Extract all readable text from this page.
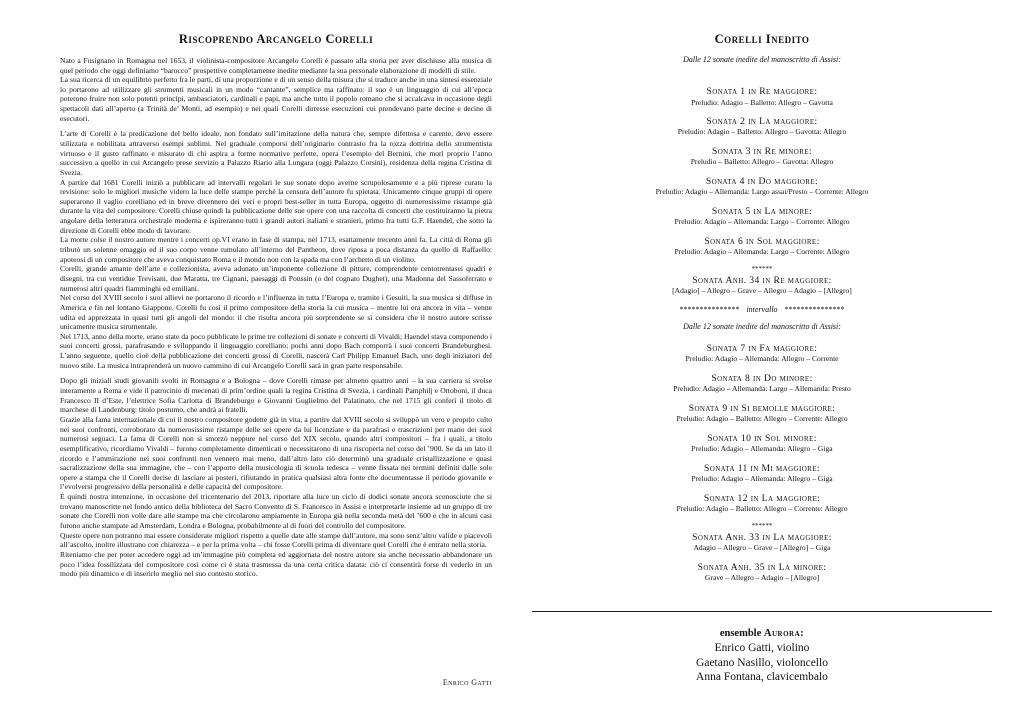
Riscoprendo Arcangelo Corelli

Nato a Fusignano in Romagna nel 1653, il violinista-compositore Arcangelo Corelli è passato alla storia per aver dischiuso alla musica di quel periodo che oggi definiamo “barocco” prospettive completamente inedite mediante la sua personale elaborazione di modelli di stile.

La sua ricerca di un equilibrio perfetto fra le parti, di una proporzione e di un senso della misura che si traduce anche in una sintesi essenziale lo portarono ad utilizzare gli strumenti musicali in un modo “cantante”, semplice ma raffinato: il suo è un linguaggio di cui all’epoca poterono fruire non solo potenti principi, ambasciatori, cardinali e papi, ma anche tutto il popolo romano che si accalcava in occasione degli spettacoli dati all’aperto (a Trinità de’ Monti, ad esempio) e nei quali Corelli dirresse esecuzioni cui prendevano parte decine e decine di esecutori.

L’arte di Corelli è la predicazione del bello ideale, non fondato sull’imitazione della natura che, sempre difettosa e carente, deve essere stilizzata e nobilitata attraverso esempi sublimi. Nel graduale comporsi dell’originario contrasto fra la rozza dottrina dello strumentista virtuoso e il gusto raffinato e misurato di chi aspira a forme normative perfette, opera l’esempio del Bernini, che morì proprio l’anno successivo a quello in cui Arcangelo prese servizio a Palazzo Riario alla Lungara (oggi Palazzo Corsini), residenza della regina Cristina di Svezia.

A partire dal 1681 Corelli iniziò a pubblicare ad intervalli regolari le sue sonate dopo averne scrupolosamente e a più riprese curato la revisione: solo le migliori musiche videro la luce delle stampe perché la censura dell’autore fu spietata. Unicamente cinque gruppi di opere superarono il vaglio corelliano ed in breve divennero dei veri e propri best-seller in tutta Europa, oggetto di numerosissime ristampe già durante la vita del compositore. Corelli chiuse quindi la pubblicazione delle sue opere con una raccolta di concerti che costituiranno la pietra angolare della letteratura orchestrale moderna e ispireranno tutti i grandi autori italiani e stranieri, primo fra tutti G.F. Haendel, che sotto la direzione di Corelli ebbe modo di lavorare.

La morte colse il nostro autore mentre i concerti op.VI erano in fase di stampa, nel 1713, esattamente trecento anni fa. La città di Roma gli tributò un solenne omaggio ed il suo corpo venne tumulato all’interno del Pantheon, dove riposa a poca distanza da quello di Raffaello: apoteosi di un compositore che aveva conquistato Roma e il mondo non con la spada ma con l’archetto di un violino.

Corelli, grande amante dell’arte e collezionista, aveva adunato un’imponente collezione di pitture, comprendente centotrentasei quadri e disegni, tra cui ventidue Trevisani, due Maratta, tre Cignani, paesaggi di Poussin (o del cognato Dughet), una Madonna del Sassoferrato e numerosi altri quadri fiamminghi ed emiliani.

Nel corso del XVIII secolo i suoi allievi ne portarono il ricordo e l’influenza in tutta l’Europa e, tramite i Gesuiti, la sua musica si diffuse in America e fin nel lontano Giappone. Corelli fu così il primo compositore della storia la cui musica – mentre lui era ancora in vita – venne udita ed apprezzata in quasi tutti gli angoli del mondo: il che risulta ancora più sorprendente se si considera che il nostro autore scrisse unicamente musica strumentale.

Nel 1713, anno della morte, erano state da poco pubblicate le prime tre collezioni di sonate e concerti di Vivaldi; Haendel stava componendo i suoi concerti grossi, parafrasando e sviluppando il linguaggio corelliano; pochi anni dopo Bach comporrà i suoi concerti Brandeburghesi. L’anno seguente, quello cioè della pubblicazione dei concerti grossi di Corelli, nascerà Carl Philipp Emanuel Bach, uno degli iniziatori del nuovo stile. La musica intraprenderà un nuovo cammino di cui Arcangelo Corelli sarà in gran parte responsabile.

Dopo gli iniziali studi giovanili svolti in Romagna e a Bologna – dove Corelli rimase per almeno quattro anni – la sua carriera si svolse interamente a Roma e vide il patrocinio di mecenati di prim’ordine quali la regina Cristina di Svezia, i cardinali Pamphilj e Ottoboni, il duca Francesco II d’Este, l’elettrice Sofia Carlotta di Brandeburgo e Giovanni Guglielmo del Palatinato, che nel 1715 gli conferì il titolo di marchese di Landenburg: titolo postumo, che andrà ai fratelli.

Grazie alla fama internazionale di cui il nostro compositore godette già in vita, a partire dal XVIII secolo si sviluppò un vero e proprio culto nei suoi confronti, corroborato da numerosissime ristampe delle sei opere da lui licenziate e da parafrasi e trascrizioni per mano dei suoi numerosi seguaci. La fama di Corelli non si smorzò neppure nel corso del XIX secolo, quando altri compositori – fra i quali, a titolo esemplificativo, ricordiamo Vivaldi – furono completamente dimenticati e necessitarono di una riscoperta nel corso del ’900. Se da un lato il ricordo e l’ammirazione nei suoi confronti non vennero mai meno, dall’altro lato ciò determinò una graduale cristallizzazione e quasi sacralizzazione della sua immagine, che – con l’apporto della musicologia di scuola tedesca – venne fissata nei termini definiti dalle sole opere a stampa che il Corelli decise di lasciare ai posteri, rifiutando in pratica qualsiasi altra fonte che documentasse il periodo giovanile e l’evolversi progressivo della personalità e delle capacità del compositore.

È quindi nostra intenzione, in occasione del tricentenario del 2013, riportare alla luce un ciclo di dodici sonate ancora sconosciute che si trovano manoscritte nel fondo antico della biblioteca del Sacro Convento di S. Francesco in Assisi e interpretarle insieme ad un gruppo di tre sonate che Corelli non volle dare alle stampe ma che circolarono ampiamente in Europa già nella seconda metà del ’600 e che in alcuni casi furono anche stampate ad Amsterdam, Londra e Bologna, probabilmente al di fuori del controllo del compositore.

Queste opere non potranno mai essere considerate migliori rispetto a quelle date alle stampe dall’autore, ma sono senz’altro valide e piacevoli all’ascolto, inoltre illustrano con chiarezza – e per la prima volta – chi fosse Corelli prima di diventare quel Corelli che è entrato nella storia.

Riteniamo che per poter accedere oggi ad un’immagine più completa ed aggiornata del nostro autore sia anche necessario abbandonare un poco l’idea fossilizzata del compositore così come ci è stata trasmessa da una certa critica datata: ciò ci consentirà forse di vederlo in un modo più dinamico e di inserirlo meglio nel suo contesto storico.

Enrico Gatti
Corelli Inedito
Dalle 12 sonate inedite del manoscritto di Assisi:
Sonata 1 in Re maggiore:
Preludio: Adagio – Balletto: Allegro – Gavotta
Sonata 2 in La maggiore:
Preludio: Adagio – Balletto: Allegro – Gavotta: Allegro
Sonata 3 in Re minore:
Preludio – Balletto: Allegro – Gavotta: Allegro
Sonata 4 in Do maggiore:
Preludio: Adagio – Allemanda: Largo assai/Presto – Corrente: Allegro
Sonata 5 in La minore:
Preludio: Adagio – Allemanda: Largo – Corrente: Allegro
Sonata 6 in Sol maggiore:
Preludio: Adagio – Allemanda: Largo – Corrente: Allegro
******
Sonata Anh. 34 in Re maggiore:
[Adagio] – Allegro – Grave – Allegro – Adagio – [Allegro]
*************** intervallo ***************
Dalle 12 sonate inedite del manoscritto di Assisi:
Sonata 7 in Fa maggiore:
Preludio: Adagio – Allemanda: Allegro – Corrente
Sonata 8 in Do minore:
Preludio: Adagio – Allemanda: Largo – Allemanda: Presto
Sonata 9 in Si bemolle maggiore:
Preludio: Adagio – Balletto: Allegro – Corrente: Allegro
Sonata 10 in Sol minore:
Preludio: Adagio – Allemanda: Allegro – Giga
Sonata 11 in Mi maggiore:
Preludio: Adagio – Allemanda: Allegro – Giga
Sonata 12 in La maggiore:
Preludio: Adagio – Balletto: Allegro – Corrente: Allegro
******
Sonata Anh. 33 in La maggiore:
Adagio – Allegro – Grave – [Allegro] – Giga
Sonata Anh. 35 in La minore:
Grave – Allegro – Adagio – [Allegro]
ensemble Aurora:
Enrico Gatti, violino
Gaetano Nasillo, violoncello
Anna Fontana, clavicembalo
